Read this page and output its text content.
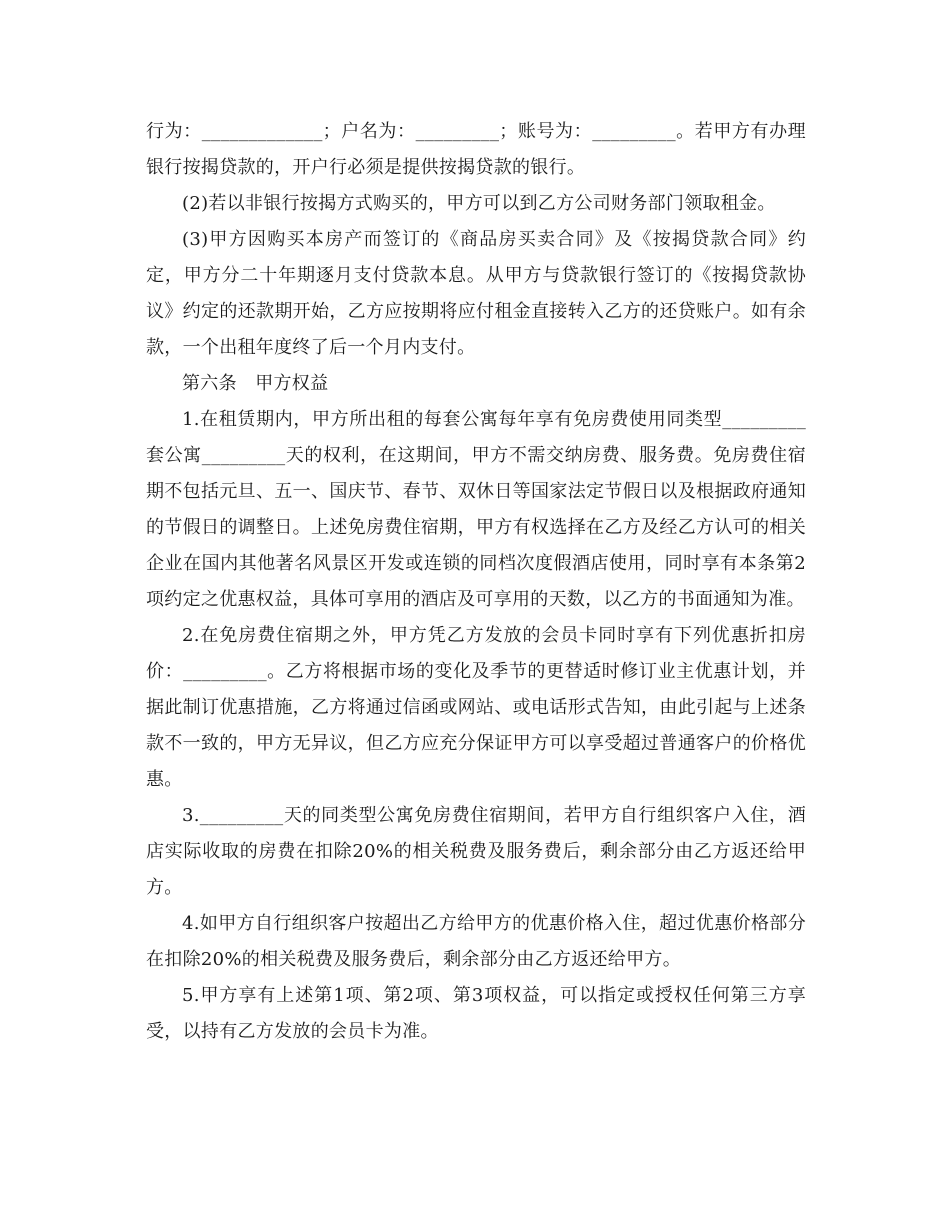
行为：_____________；户名为：_________；账号为：_________。若甲方有办理银行按揭贷款的，开户行必须是提供按揭贷款的银行。

(2)若以非银行按揭方式购买的，甲方可以到乙方公司财务部门领取租金。

(3)甲方因购买本房产而签订的《商品房买卖合同》及《按揭贷款合同》约定，甲方分二十年期逐月支付贷款本息。从甲方与贷款银行签订的《按揭贷款协议》约定的还款期开始，乙方应按期将应付租金直接转入乙方的还贷账户。如有余款，一个出租年度终了后一个月内支付。

第六条　甲方权益

1.在租赁期内，甲方所出租的每套公寓每年享有免房费使用同类型_________套公寓_________天的权利，在这期间，甲方不需交纳房费、服务费。免房费住宿期不包括元旦、五一、国庆节、春节、双休日等国家法定节假日以及根据政府通知的节假日的调整日。上述免房费住宿期，甲方有权选择在乙方及经乙方认可的相关企业在国内其他著名风景区开发或连锁的同档次度假酒店使用，同时享有本条第2项约定之优惠权益，具体可享用的酒店及可享用的天数，以乙方的书面通知为准。

2.在免房费住宿期之外，甲方凭乙方发放的会员卡同时享有下列优惠折扣房价：_________。乙方将根据市场的变化及季节的更替适时修订业主优惠计划，并据此制订优惠措施，乙方将通过信函或网站、或电话形式告知，由此引起与上述条款不一致的，甲方无异议，但乙方应充分保证甲方可以享受超过普通客户的价格优惠。

3._________天的同类型公寓免房费住宿期间，若甲方自行组织客户入住，酒店实际收取的房费在扣除20%的相关税费及服务费后，剩余部分由乙方返还给甲方。

4.如甲方自行组织客户按超出乙方给甲方的优惠价格入住，超过优惠价格部分在扣除20%的相关税费及服务费后，剩余部分由乙方返还给甲方。

5.甲方享有上述第1项、第2项、第3项权益，可以指定或授权任何第三方享受，以持有乙方发放的会员卡为准。
